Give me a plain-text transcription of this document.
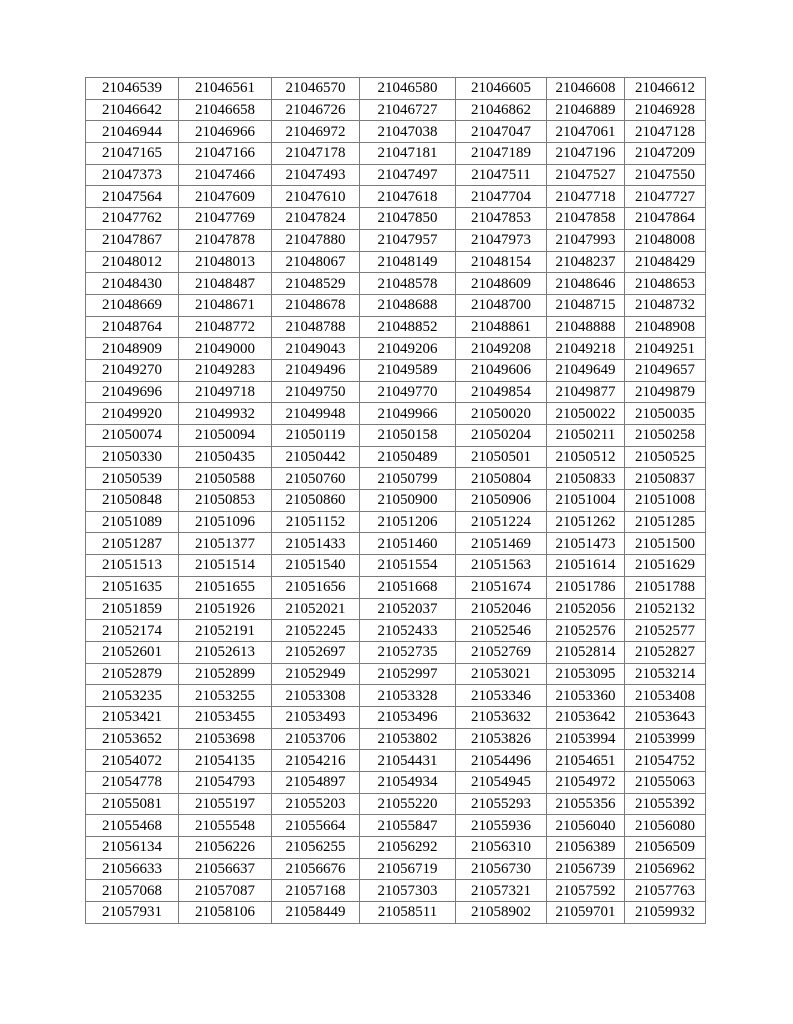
21046539	21046561	21046570	21046580	21046605	21046608	21046612
21046642	21046658	21046726	21046727	21046862	21046889	21046928
21046944	21046966	21046972	21047038	21047047	21047061	21047128
21047165	21047166	21047178	21047181	21047189	21047196	21047209
21047373	21047466	21047493	21047497	21047511	21047527	21047550
21047564	21047609	21047610	21047618	21047704	21047718	21047727
21047762	21047769	21047824	21047850	21047853	21047858	21047864
21047867	21047878	21047880	21047957	21047973	21047993	21048008
21048012	21048013	21048067	21048149	21048154	21048237	21048429
21048430	21048487	21048529	21048578	21048609	21048646	21048653
21048669	21048671	21048678	21048688	21048700	21048715	21048732
21048764	21048772	21048788	21048852	21048861	21048888	21048908
21048909	21049000	21049043	21049206	21049208	21049218	21049251
21049270	21049283	21049496	21049589	21049606	21049649	21049657
21049696	21049718	21049750	21049770	21049854	21049877	21049879
21049920	21049932	21049948	21049966	21050020	21050022	21050035
21050074	21050094	21050119	21050158	21050204	21050211	21050258
21050330	21050435	21050442	21050489	21050501	21050512	21050525
21050539	21050588	21050760	21050799	21050804	21050833	21050837
21050848	21050853	21050860	21050900	21050906	21051004	21051008
21051089	21051096	21051152	21051206	21051224	21051262	21051285
21051287	21051377	21051433	21051460	21051469	21051473	21051500
21051513	21051514	21051540	21051554	21051563	21051614	21051629
21051635	21051655	21051656	21051668	21051674	21051786	21051788
21051859	21051926	21052021	21052037	21052046	21052056	21052132
21052174	21052191	21052245	21052433	21052546	21052576	21052577
21052601	21052613	21052697	21052735	21052769	21052814	21052827
21052879	21052899	21052949	21052997	21053021	21053095	21053214
21053235	21053255	21053308	21053328	21053346	21053360	21053408
21053421	21053455	21053493	21053496	21053632	21053642	21053643
21053652	21053698	21053706	21053802	21053826	21053994	21053999
21054072	21054135	21054216	21054431	21054496	21054651	21054752
21054778	21054793	21054897	21054934	21054945	21054972	21055063
21055081	21055197	21055203	21055220	21055293	21055356	21055392
21055468	21055548	21055664	21055847	21055936	21056040	21056080
21056134	21056226	21056255	21056292	21056310	21056389	21056509
21056633	21056637	21056676	21056719	21056730	21056739	21056962
21057068	21057087	21057168	21057303	21057321	21057592	21057763
21057931	21058106	21058449	21058511	21058902	21059701	21059932
